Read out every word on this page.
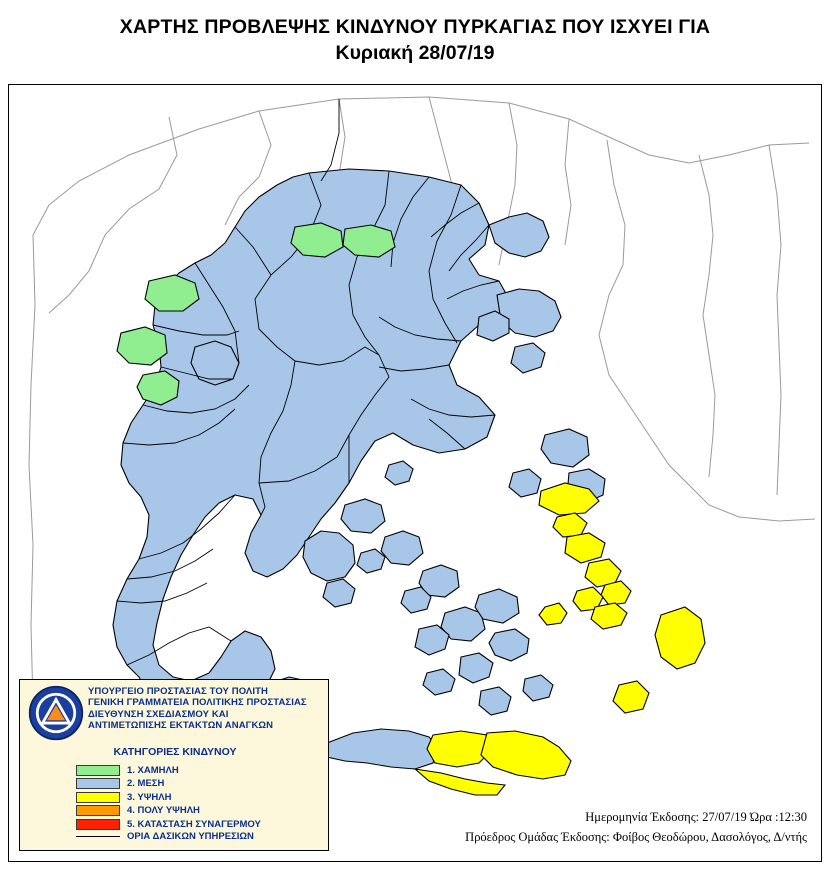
ΧΑΡΤΗΣ ΠΡΟΒΛΕΨΗΣ ΚΙΝΔΥΝΟΥ ΠΥΡΚΑΓΙΑΣ ΠΟΥ ΙΣΧΥΕΙ ΓΙΑ
Κυριακή 28/07/19
ΥΠΟΥΡΓΕΙΟ ΠΡΟΣΤΑΣΙΑΣ ΤΟΥ ΠΟΛΙΤΗ
ΓΕΝΙΚΗ ΓΡΑΜΜΑΤΕΙΑ ΠΟΛΙΤΙΚΗΣ ΠΡΟΣΤΑΣΙΑΣ
ΔΙΕΥΘΥΝΣΗ ΣΧΕΔΙΑΣΜΟΥ ΚΑΙ
ΑΝΤΙΜΕΤΩΠΙΣΗΣ ΕΚΤΑΚΤΩΝ ΑΝΑΓΚΩΝ
ΚΑΤΗΓΟΡΙΕΣ ΚΙΝΔΥΝΟΥ
1. ΧΑΜΗΛΗ
2. ΜΕΣΗ
3. ΥΨΗΛΗ
4. ΠΟΛΥ ΥΨΗΛΗ
5. ΚΑΤΑΣΤΑΣΗ ΣΥΝΑΓΕΡΜΟΥ
ΟΡΙΑ ΔΑΣΙΚΩΝ ΥΠΗΡΕΣΙΩΝ
Ημερομηνία Έκδοσης: 27/07/19 Ώρα :12:30
Πρόεδρος Ομάδας Έκδοσης: Φοίβος Θεοδώρου, Δασολόγος, Δ/ντής
